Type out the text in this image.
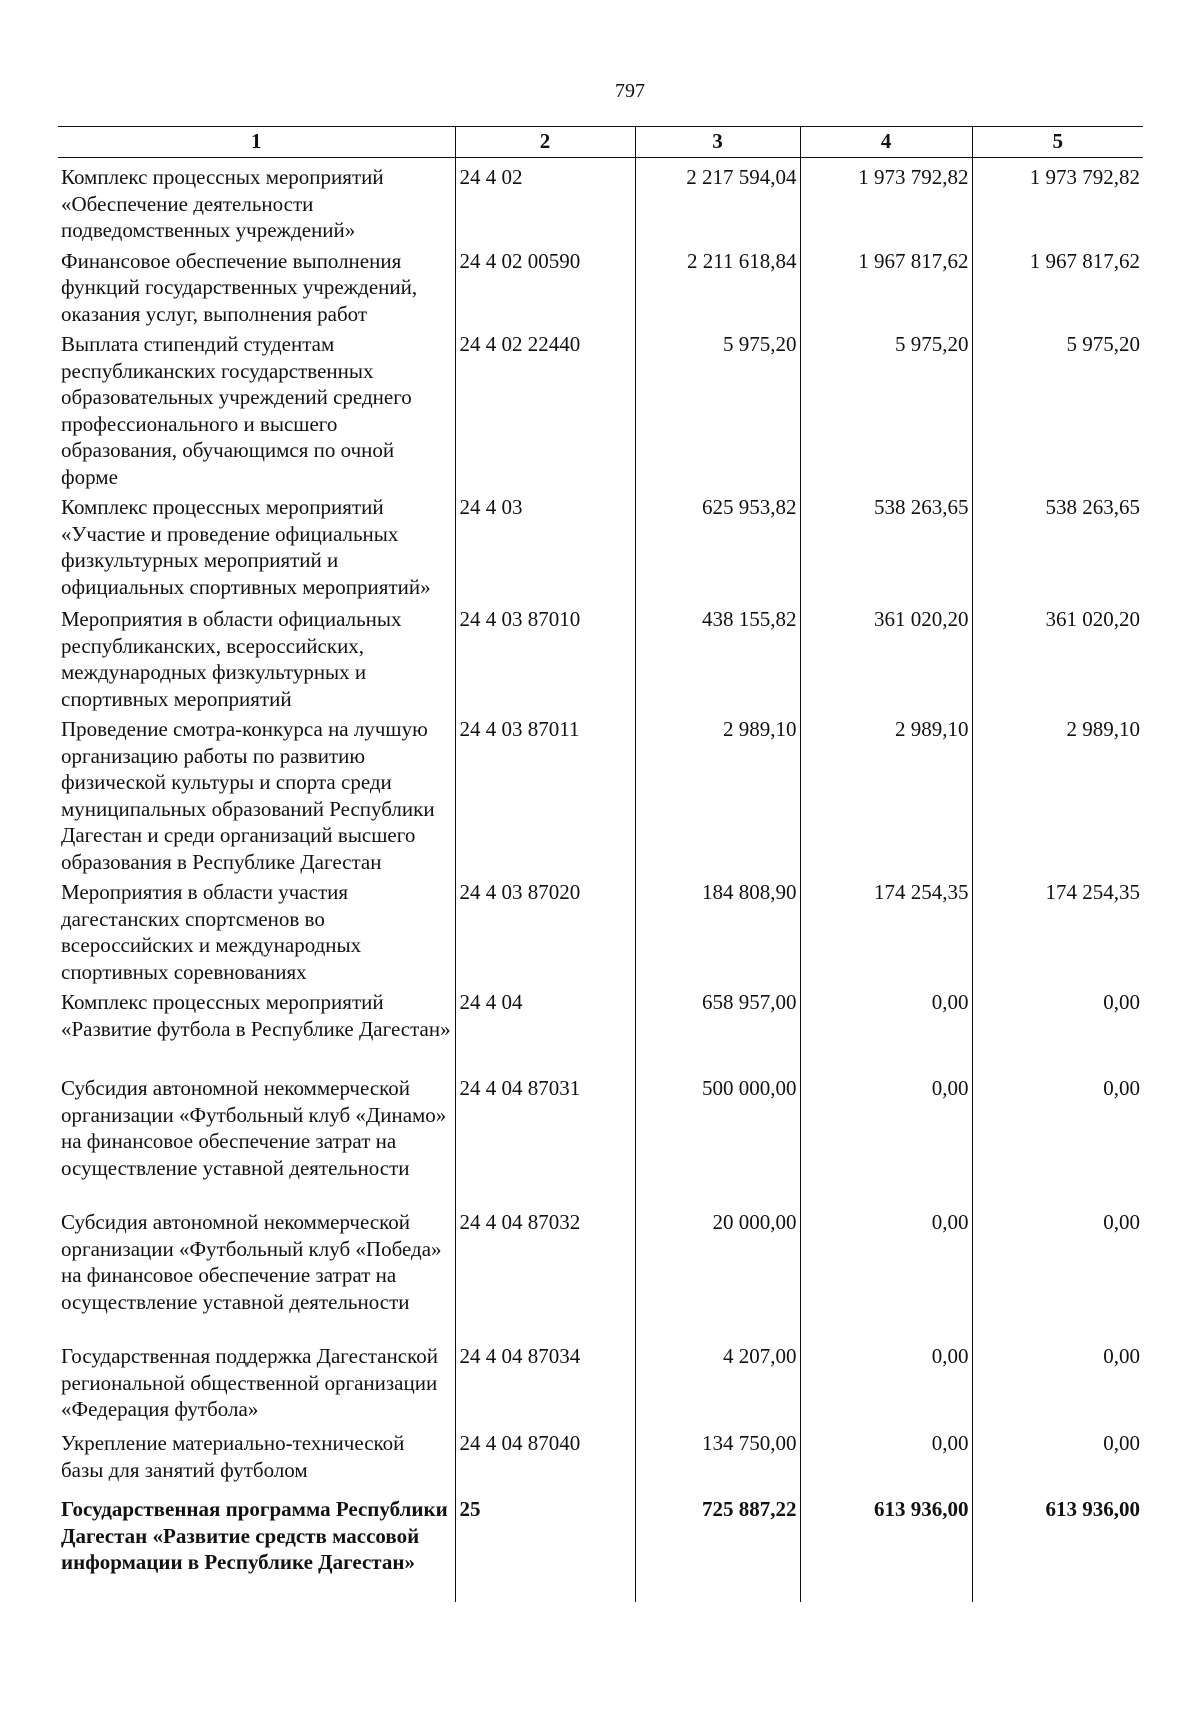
797
1	2	3	4	5
Комплекс процессных мероприятий «Обеспечение деятельности подведомственных учреждений»	24 4 02	2 217 594,04	1 973 792,82	1 973 792,82
Финансовое обеспечение выполнения функций государственных учреждений, оказания услуг, выполнения работ	24 4 02 00590	2 211 618,84	1 967 817,62	1 967 817,62
Выплата стипендий студентам республиканских государственных образовательных учреждений среднего профессионального и высшего образования, обучающимся по очной форме	24 4 02 22440	5 975,20	5 975,20	5 975,20
Комплекс процессных мероприятий «Участие и проведение официальных физкультурных мероприятий и официальных спортивных мероприятий»	24 4 03	625 953,82	538 263,65	538 263,65
Мероприятия в области официальных республиканских, всероссийских, международных физкультурных и спортивных мероприятий	24 4 03 87010	438 155,82	361 020,20	361 020,20
Проведение смотра-конкурса на лучшую организацию работы по развитию физической культуры и спорта среди муниципальных образований Республики Дагестан и среди организаций высшего образования в Республике Дагестан	24 4 03 87011	2 989,10	2 989,10	2 989,10
Мероприятия в области участия дагестанских спортсменов во всероссийских и международных спортивных соревнованиях	24 4 03 87020	184 808,90	174 254,35	174 254,35
Комплекс процессных мероприятий «Развитие футбола в Республике Дагестан»	24 4 04	658 957,00	0,00	0,00
Субсидия автономной некоммерческой организации «Футбольный клуб «Динамо» на финансовое обеспечение затрат на осуществление уставной деятельности	24 4 04 87031	500 000,00	0,00	0,00
Субсидия автономной некоммерческой организации «Футбольный клуб «Победа» на финансовое обеспечение затрат на осуществление уставной деятельности	24 4 04 87032	20 000,00	0,00	0,00
Государственная поддержка Дагестанской региональной общественной организации «Федерация футбола»	24 4 04 87034	4 207,00	0,00	0,00
Укрепление материально-технической базы для занятий футболом	24 4 04 87040	134 750,00	0,00	0,00
Государственная программа Республики Дагестан «Развитие средств массовой информации в Республике Дагестан»	25	725 887,22	613 936,00	613 936,00
